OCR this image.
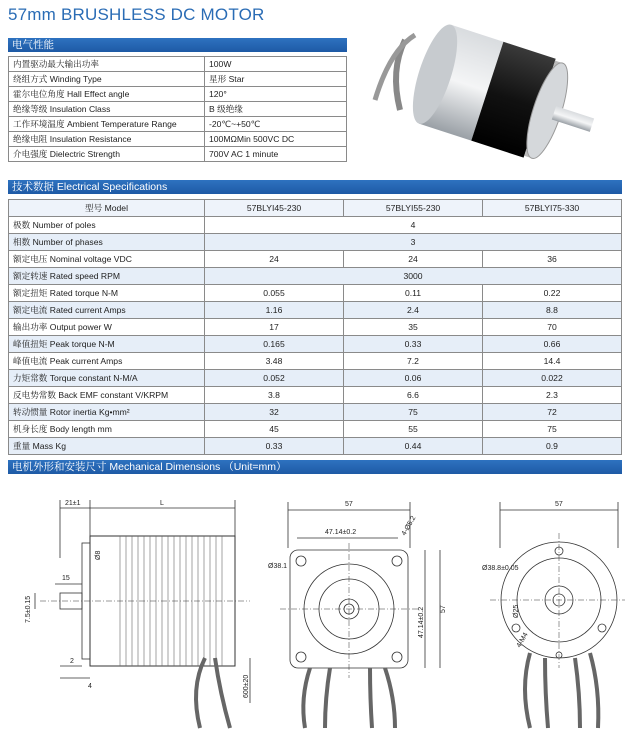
57mm BRUSHLESS DC MOTOR
电气性能
内置驱动最大输出功率	100W
绕组方式 Winding Type	星形 Star
霍尔电位角度 Hall Effect angle	120°
绝缘等级 Insulation Class	B 级绝缘
工作环境温度 Ambient Temperature Range	-20℃~+50℃
绝缘电阻 Insulation Resistance	100MΩMin 500VC DC
介电强度 Dielectric Strength	700V AC 1 minute
技术数据 Electrical Specifications
型号 Model	57BLYI45-230	57BLYI55-230	57BLYI75-330
极数 Number of poles	4		
相数 Number of phases	3		
额定电压 Nominal voltage VDC	24	24	36
额定转速 Rated speed RPM	3000		
额定扭矩 Rated torque N-M	0.055	0.11	0.22
额定电流 Rated current Amps	1.16	2.4	8.8
输出功率 Output power W	17	35	70
峰值扭矩 Peak torque N-M	0.165	0.33	0.66
峰值电流 Peak current Amps	3.48	7.2	14.4
力矩常数 Torque constant N-M/A	0.052	0.06	0.022
反电势常数 Back EMF constant V/KRPM	3.8	6.6	2.3
转动惯量 Rotor inertia Kg•mm²	32	75	72
机身长度 Body length mm	45	55	75
重量 Mass Kg	0.33	0.44	0.9
电机外形和安装尺寸 Mechanical Dimensions （Unit=mm）
21±1	L
15
Ø8
7.5±0.15
2
4	600±20
57
47.14±0.2	4-Ø5.2
Ø38.1
47.14±0.2 57
57
Ø38.8±0.05
Ø25
4-M4
